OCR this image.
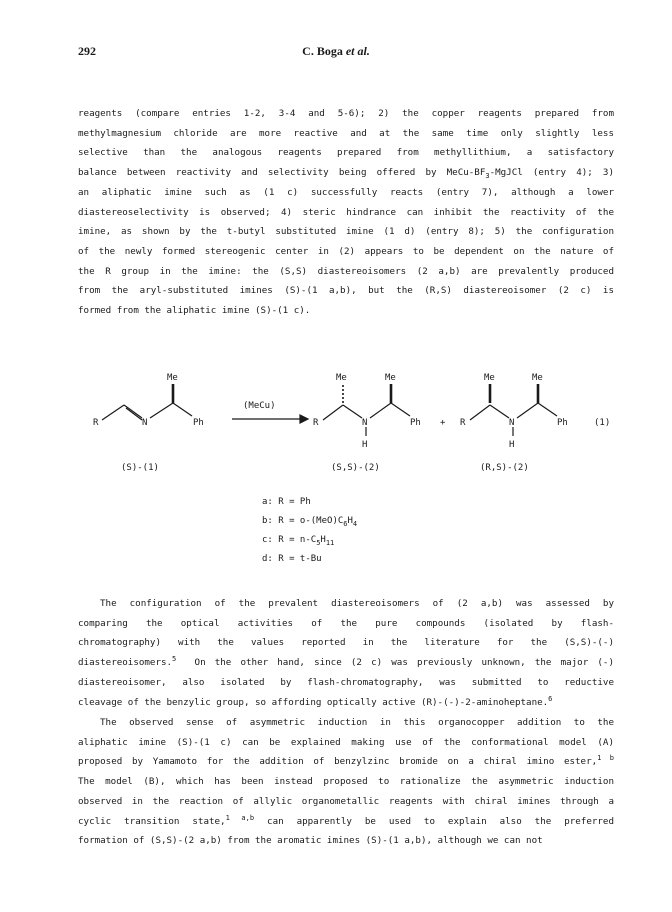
292	C. Boga et al.
reagents (compare entries 1-2, 3-4 and 5-6); 2) the copper reagents prepared from
methylmagnesium chloride are more reactive and at the same time only slightly less
selective than the analogous reagents prepared from methyllithium, a satisfactory
balance between reactivity and selectivity being offered by MeCu-$BF_3$-MgJCl (entry 4); 3)
an aliphatic imine such as (1 c) successfully reacts (entry 7), although a lower
diastereoselectivity is observed; 4) steric hindrance can inhibit the reactivity of the
imine, as shown by the t-butyl substituted imine (1 d) (entry 8); 5) the configuration
of the newly formed stereogenic center in (2) appears to be dependent on the nature of
the R group in the imine: the (S,S) diastereoisomers (2 a,b) are prevalently produced
from the aryl-substituted imines (S)-(1 a,b), but the (R,S) diastereoisomer (2 c) is
formed from the aliphatic imine (S)-(1 c).
Me
R	N	Ph
(MeCu)
Me	Me
R	N	Ph
H
+
Me	Me
R	N	Ph
H
(1)
(S)-(1)	(S,S)-(2)	(R,S)-(2)
a: R = Ph
b: $R = o-(MeO)C_6H_4$
c: $R = n-C_5H_{11}$
d: R = t-Bu
The configuration of the prevalent diastereoisomers of (2 a,b) was assessed by
comparing the optical activities of the pure compounds (isolated by flash-
chromatography) with the values reported in the literature for the (S,S)-(-)
diastereoisomers.$^5$ On the other hand, since (2 c) was previously unknown, the major (-)
diastereoisomer, also isolated by flash-chromatography, was submitted to reductive
cleavage of the benzylic group, so affording optically active (R)-(-)-2-aminoheptane.$^6$
The observed sense of asymmetric induction in this organocopper addition to the
aliphatic imine (S)-(1 c) can be explained making use of the conformational model (A)
proposed by Yamamoto for the addition of benzylzinc bromide on a chiral imino ester,$^{1 b}$
The model (B), which has been instead proposed to rationalize the asymmetric induction
observed in the reaction of allylic organometallic reagents with chiral imines through a
cyclic transition state,$^{1 a,b}$ can apparently be used to explain also the preferred
formation of (S,S)-(2 a,b) from the aromatic imines (S)-(1 a,b), although we can not
